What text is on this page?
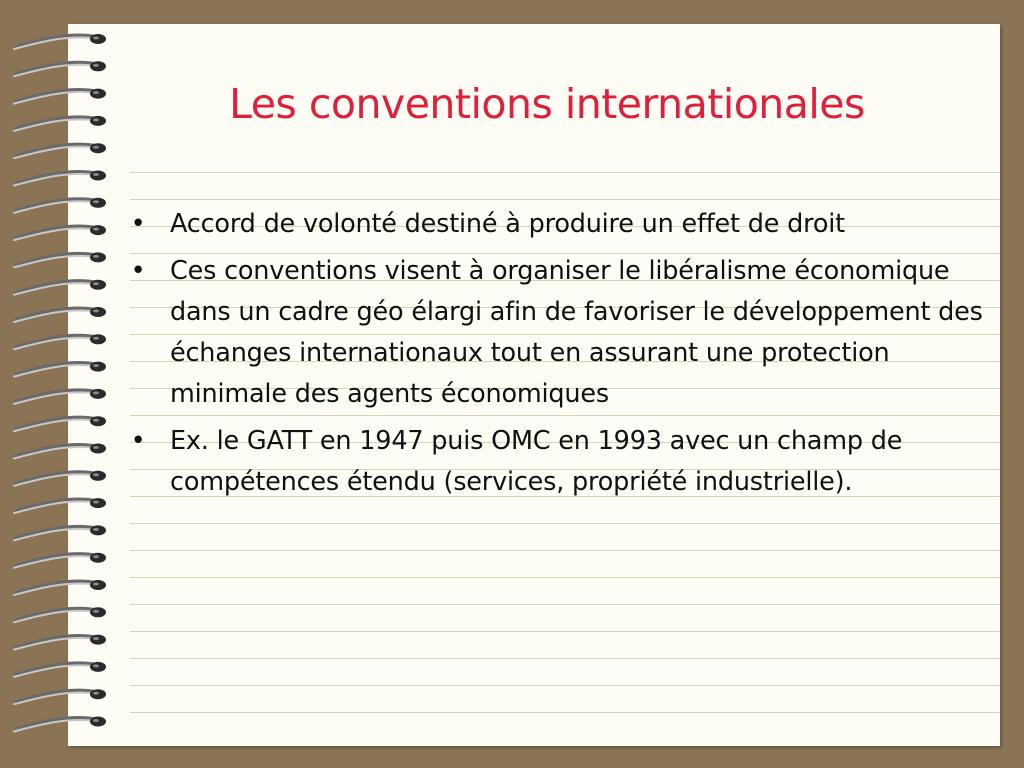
Les conventions internationales
• Accord de volonté destiné à produire un effet de droit
• Ces conventions visent à organiser le libéralisme économique dans un cadre géo élargi afin de favoriser le développement des échanges internationaux tout en assurant une protection minimale des agents économiques
• Ex. le GATT en 1947 puis OMC en 1993 avec un champ de compétences étendu (services, propriété industrielle).
